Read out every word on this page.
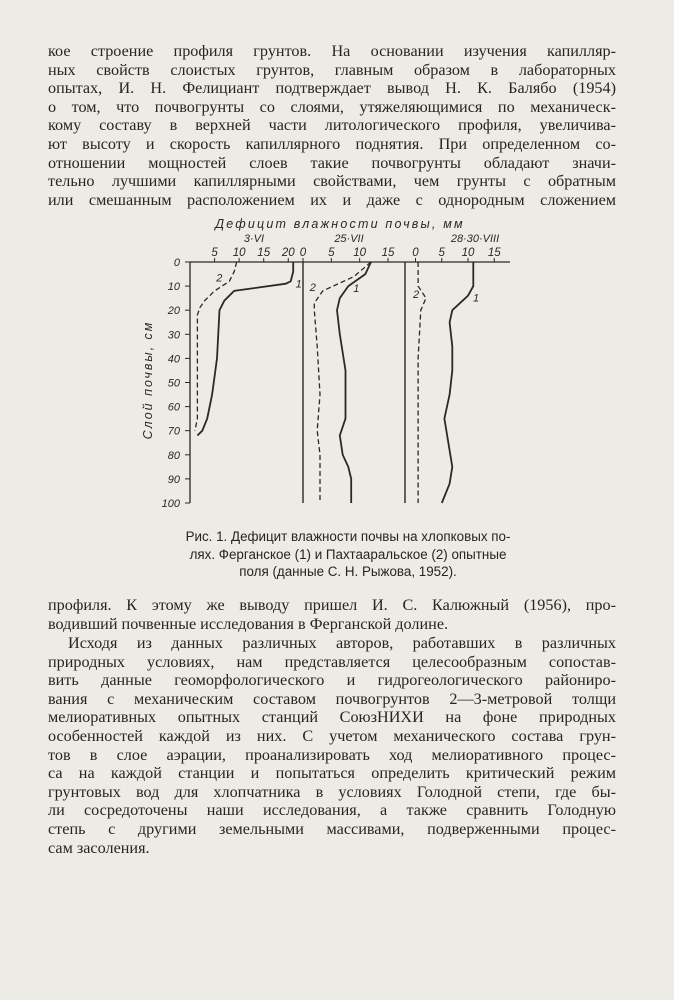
кое строение профиля грунтов. На основании изучения капилляр-
ных свойств слоистых грунтов, главным образом в лабораторных
опытах, И. Н. Фелициант подтверждает вывод Н. К. Балябо (1954)
о том, что почвогрунты со слоями, утяжеляющимися по механическ-
кому составу в верхней части литологического профиля, увеличива-
ют высоту и скорость капиллярного поднятия. При определенном со-
отношении мощностей слоев такие почвогрунты обладают значи-
тельно лучшими капиллярными свойствами, чем грунты с обратным
или смешанным расположением их и даже с однородным сложением
Дефицит влажности почвы, мм
Слой почвы, см
0
10
20
30
40
50
60
70
80
90
100
3·VI
5 10 15 20
1
2
25·VII
0 5 10 15
1
2
28·30·VIII
0 5 10 15
1
2
Рис. 1. Дефицит влажности почвы на хлопковых по-
лях. Ферганское (1) и Пахтааральское (2) опытные
поля (данные С. Н. Рыжова, 1952).
профиля. К этому же выводу пришел И. С. Калюжный (1956), про-
водивший почвенные исследования в Ферганской долине.
Исходя из данных различных авторов, работавших в различных
природных условиях, нам представляется целесообразным сопостав-
вить данные геоморфологического и гидрогеологического райониро-
вания с механическим составом почвогрунтов 2—3-метровой толщи
мелиоративных опытных станций СоюзНИХИ на фоне природных
особенностей каждой из них. С учетом механического состава грун-
тов в слое аэрации, проанализировать ход мелиоративного процес-
са на каждой станции и попытаться определить критический режим
грунтовых вод для хлопчатника в условиях Голодной степи, где бы-
ли сосредоточены наши исследования, а также сравнить Голодную
степь с другими земельными массивами, подверженными процес-
сам засоления.
